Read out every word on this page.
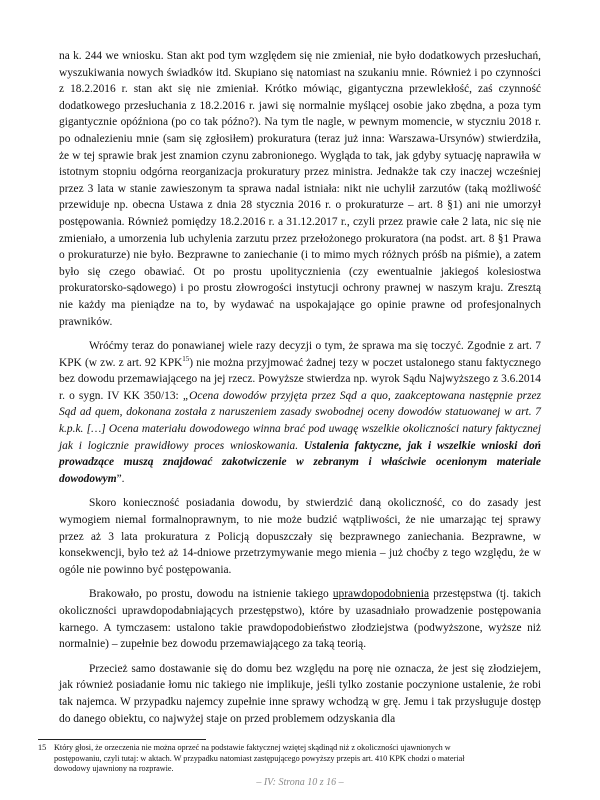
na k. 244 we wniosku. Stan akt pod tym względem się nie zmieniał, nie było dodatkowych przesłuchań, wyszukiwania nowych świadków itd. Skupiano się natomiast na szukaniu mnie. Również i po czynności z 18.2.2016 r. stan akt się nie zmieniał. Krótko mówiąc, gigantyczna przewlekłość, zaś czynność dodatkowego przesłuchania z 18.2.2016 r. jawi się normalnie myślącej osobie jako zbędna, a poza tym gigantycznie opóźniona (po co tak późno?). Na tym tle nagle, w pewnym momencie, w styczniu 2018 r. po odnalezieniu mnie (sam się zgłosiłem) prokuratura (teraz już inna: Warszawa-Ursynów) stwierdziła, że w tej sprawie brak jest znamion czynu zabronionego. Wygląda to tak, jak gdyby sytuację naprawiła w istotnym stopniu odgórna reorganizacja prokuratury przez ministra. Jednakże tak czy inaczej wcześniej przez 3 lata w stanie zawieszonym ta sprawa nadal istniała: nikt nie uchylił zarzutów (taką możliwość przewiduje np. obecna Ustawa z dnia 28 stycznia 2016 r. o prokuraturze – art. 8 §1) ani nie umorzył postępowania. Również pomiędzy 18.2.2016 r. a 31.12.2017 r., czyli przez prawie całe 2 lata, nic się nie zmieniało, a umorzenia lub uchylenia zarzutu przez przełożonego prokuratora (na podst. art. 8 §1 Prawa o prokuraturze) nie było. Bezprawne to zaniechanie (i to mimo mych różnych próśb na piśmie), a zatem było się czego obawiać. Ot po prostu upolitycznienia (czy ewentualnie jakiegoś kolesiostwa prokuratorsko-sądowego) i po prostu złowrogości instytucji ochrony prawnej w naszym kraju. Zresztą nie każdy ma pieniądze na to, by wydawać na uspokajające go opinie prawne od profesjonalnych prawników.

Wróćmy teraz do ponawianej wiele razy decyzji o tym, że sprawa ma się toczyć. Zgodnie z art. 7 KPK (w zw. z art. 92 KPK$^{15}$) nie można przyjmować żadnej tezy w poczet ustalonego stanu faktycznego bez dowodu przemawiającego na jej rzecz. Powyższe stwierdza np. wyrok Sądu Najwyższego z 3.6.2014 r. o sygn. IV KK 350/13: „Ocena dowodów przyjęta przez Sąd a quo, zaakceptowana następnie przez Sąd ad quem, dokonana została z naruszeniem zasady swobodnej oceny dowodów statuowanej w art. 7 k.p.k. […] Ocena materiału dowodowego winna brać pod uwagę wszelkie okoliczności natury faktycznej jak i logicznie prawidłowy proces wnioskowania. Ustalenia faktyczne, jak i wszelkie wnioski doń prowadzące muszą znajdować zakotwiczenie w zebranym i właściwie ocenionym materiale dowodowym”.

Skoro konieczność posiadania dowodu, by stwierdzić daną okoliczność, co do zasady jest wymogiem niemal formalnoprawnym, to nie może budzić wątpliwości, że nie umarzając tej sprawy przez aż 3 lata prokuratura z Policją dopuszczały się bezprawnego zaniechania. Bezprawne, w konsekwencji, było też aż 14-dniowe przetrzymywanie mego mienia – już choćby z tego względu, że w ogóle nie powinno być postępowania.

Brakowało, po prostu, dowodu na istnienie takiego uprawdopodobnienia przestępstwa (tj. takich okoliczności uprawdopodabniających przestępstwo), które by uzasadniało prowadzenie postępowania karnego. A tymczasem: ustalono takie prawdopodobieństwo złodziejstwa (podwyższone, wyższe niż normalnie) – zupełnie bez dowodu przemawiającego za taką teorią.

Przecież samo dostawanie się do domu bez względu na porę nie oznacza, że jest się złodziejem, jak również posiadanie łomu nic takiego nie implikuje, jeśli tylko zostanie poczynione ustalenie, że robi tak najemca. W przypadku najemcy zupełnie inne sprawy wchodzą w grę. Jemu i tak przysługuje dostęp do danego obiektu, co najwyżej staje on przed problemem odzyskania dla

15 Który głosi, że orzeczenia nie można oprzeć na podstawie faktycznej wziętej skądinąd niż z okoliczności ujawnionych w postępowaniu, czyli tutaj: w aktach. W przypadku natomiast zastępującego powyższy przepis art. 410 KPK chodzi o materiał dowodowy ujawniony na rozprawie.
– IV: Strona 10 z 16 –
